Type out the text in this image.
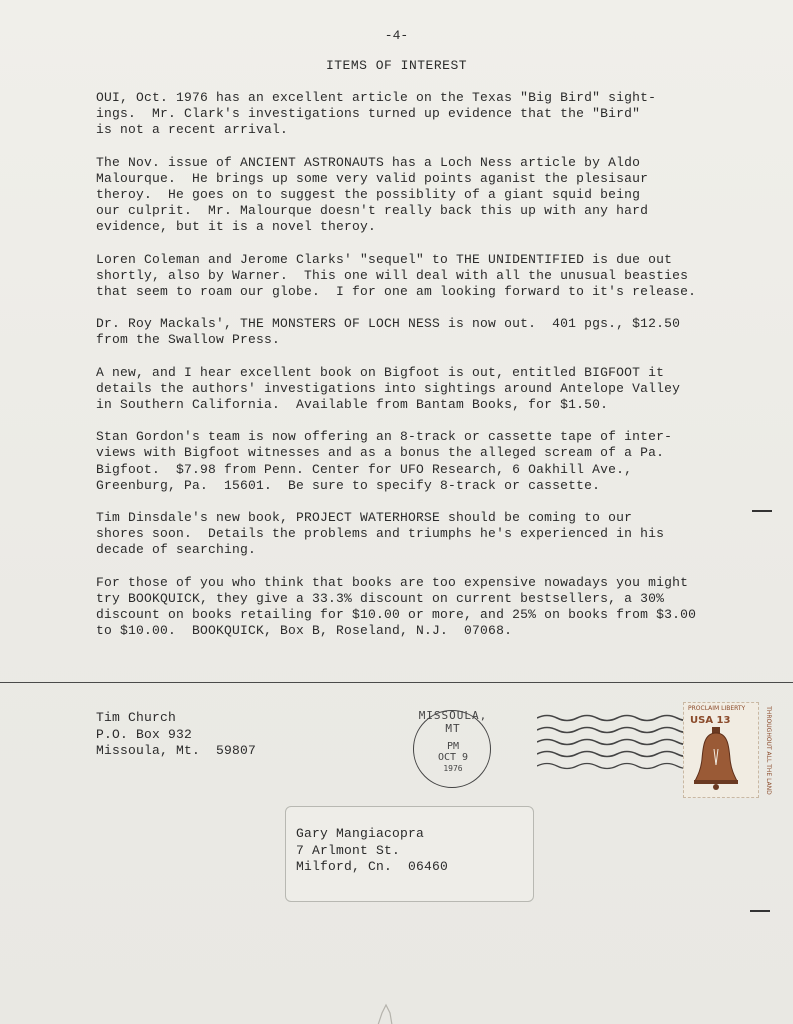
-4-
ITEMS OF INTEREST
OUI, Oct. 1976 has an excellent article on the Texas "Big Bird" sight-
ings.  Mr. Clark's investigations turned up evidence that the "Bird"
is not a recent arrival.
The Nov. issue of ANCIENT ASTRONAUTS has a Loch Ness article by Aldo
Malourque.  He brings up some very valid points aganist the plesisaur
theroy.  He goes on to suggest the possiblity of a giant squid being
our culprit.  Mr. Malourque doesn't really back this up with any hard
evidence, but it is a novel theroy.
Loren Coleman and Jerome Clarks' "sequel" to THE UNIDENTIFIED is due out
shortly, also by Warner.  This one will deal with all the unusual beasties
that seem to roam our globe.  I for one am looking forward to it's release.
Dr. Roy Mackals', THE MONSTERS OF LOCH NESS is now out.  401 pgs., $12.50
from the Swallow Press.
A new, and I hear excellent book on Bigfoot is out, entitled BIGFOOT it
details the authors' investigations into sightings around Antelope Valley
in Southern California.  Available from Bantam Books, for $1.50.
Stan Gordon's team is now offering an 8-track or cassette tape of inter-
views with Bigfoot witnesses and as a bonus the alleged scream of a Pa.
Bigfoot.  $7.98 from Penn. Center for UFO Research, 6 Oakhill Ave.,
Greenburg, Pa.  15601.  Be sure to specify 8-track or cassette.
Tim Dinsdale's new book, PROJECT WATERHORSE should be coming to our
shores soon.  Details the problems and triumphs he's experienced in his
decade of searching.
For those of you who think that books are too expensive nowadays you might
try BOOKQUICK, they give a 33.3% discount on current bestsellers, a 30%
discount on books retailing for $10.00 or more, and 25% on books from $3.00
to $10.00.  BOOKQUICK, Box B, Roseland, N.J.  07068.
Tim Church
P.O. Box 932
Missoula, Mt.  59807
MISSOULA, MT
PM
OCT 9
1976
PROCLAIM LIBERTY
USA 13	THROUGHOUT ALL THE LAND
Gary Mangiacopra
7 Arlmont St.
Milford, Cn.  06460
